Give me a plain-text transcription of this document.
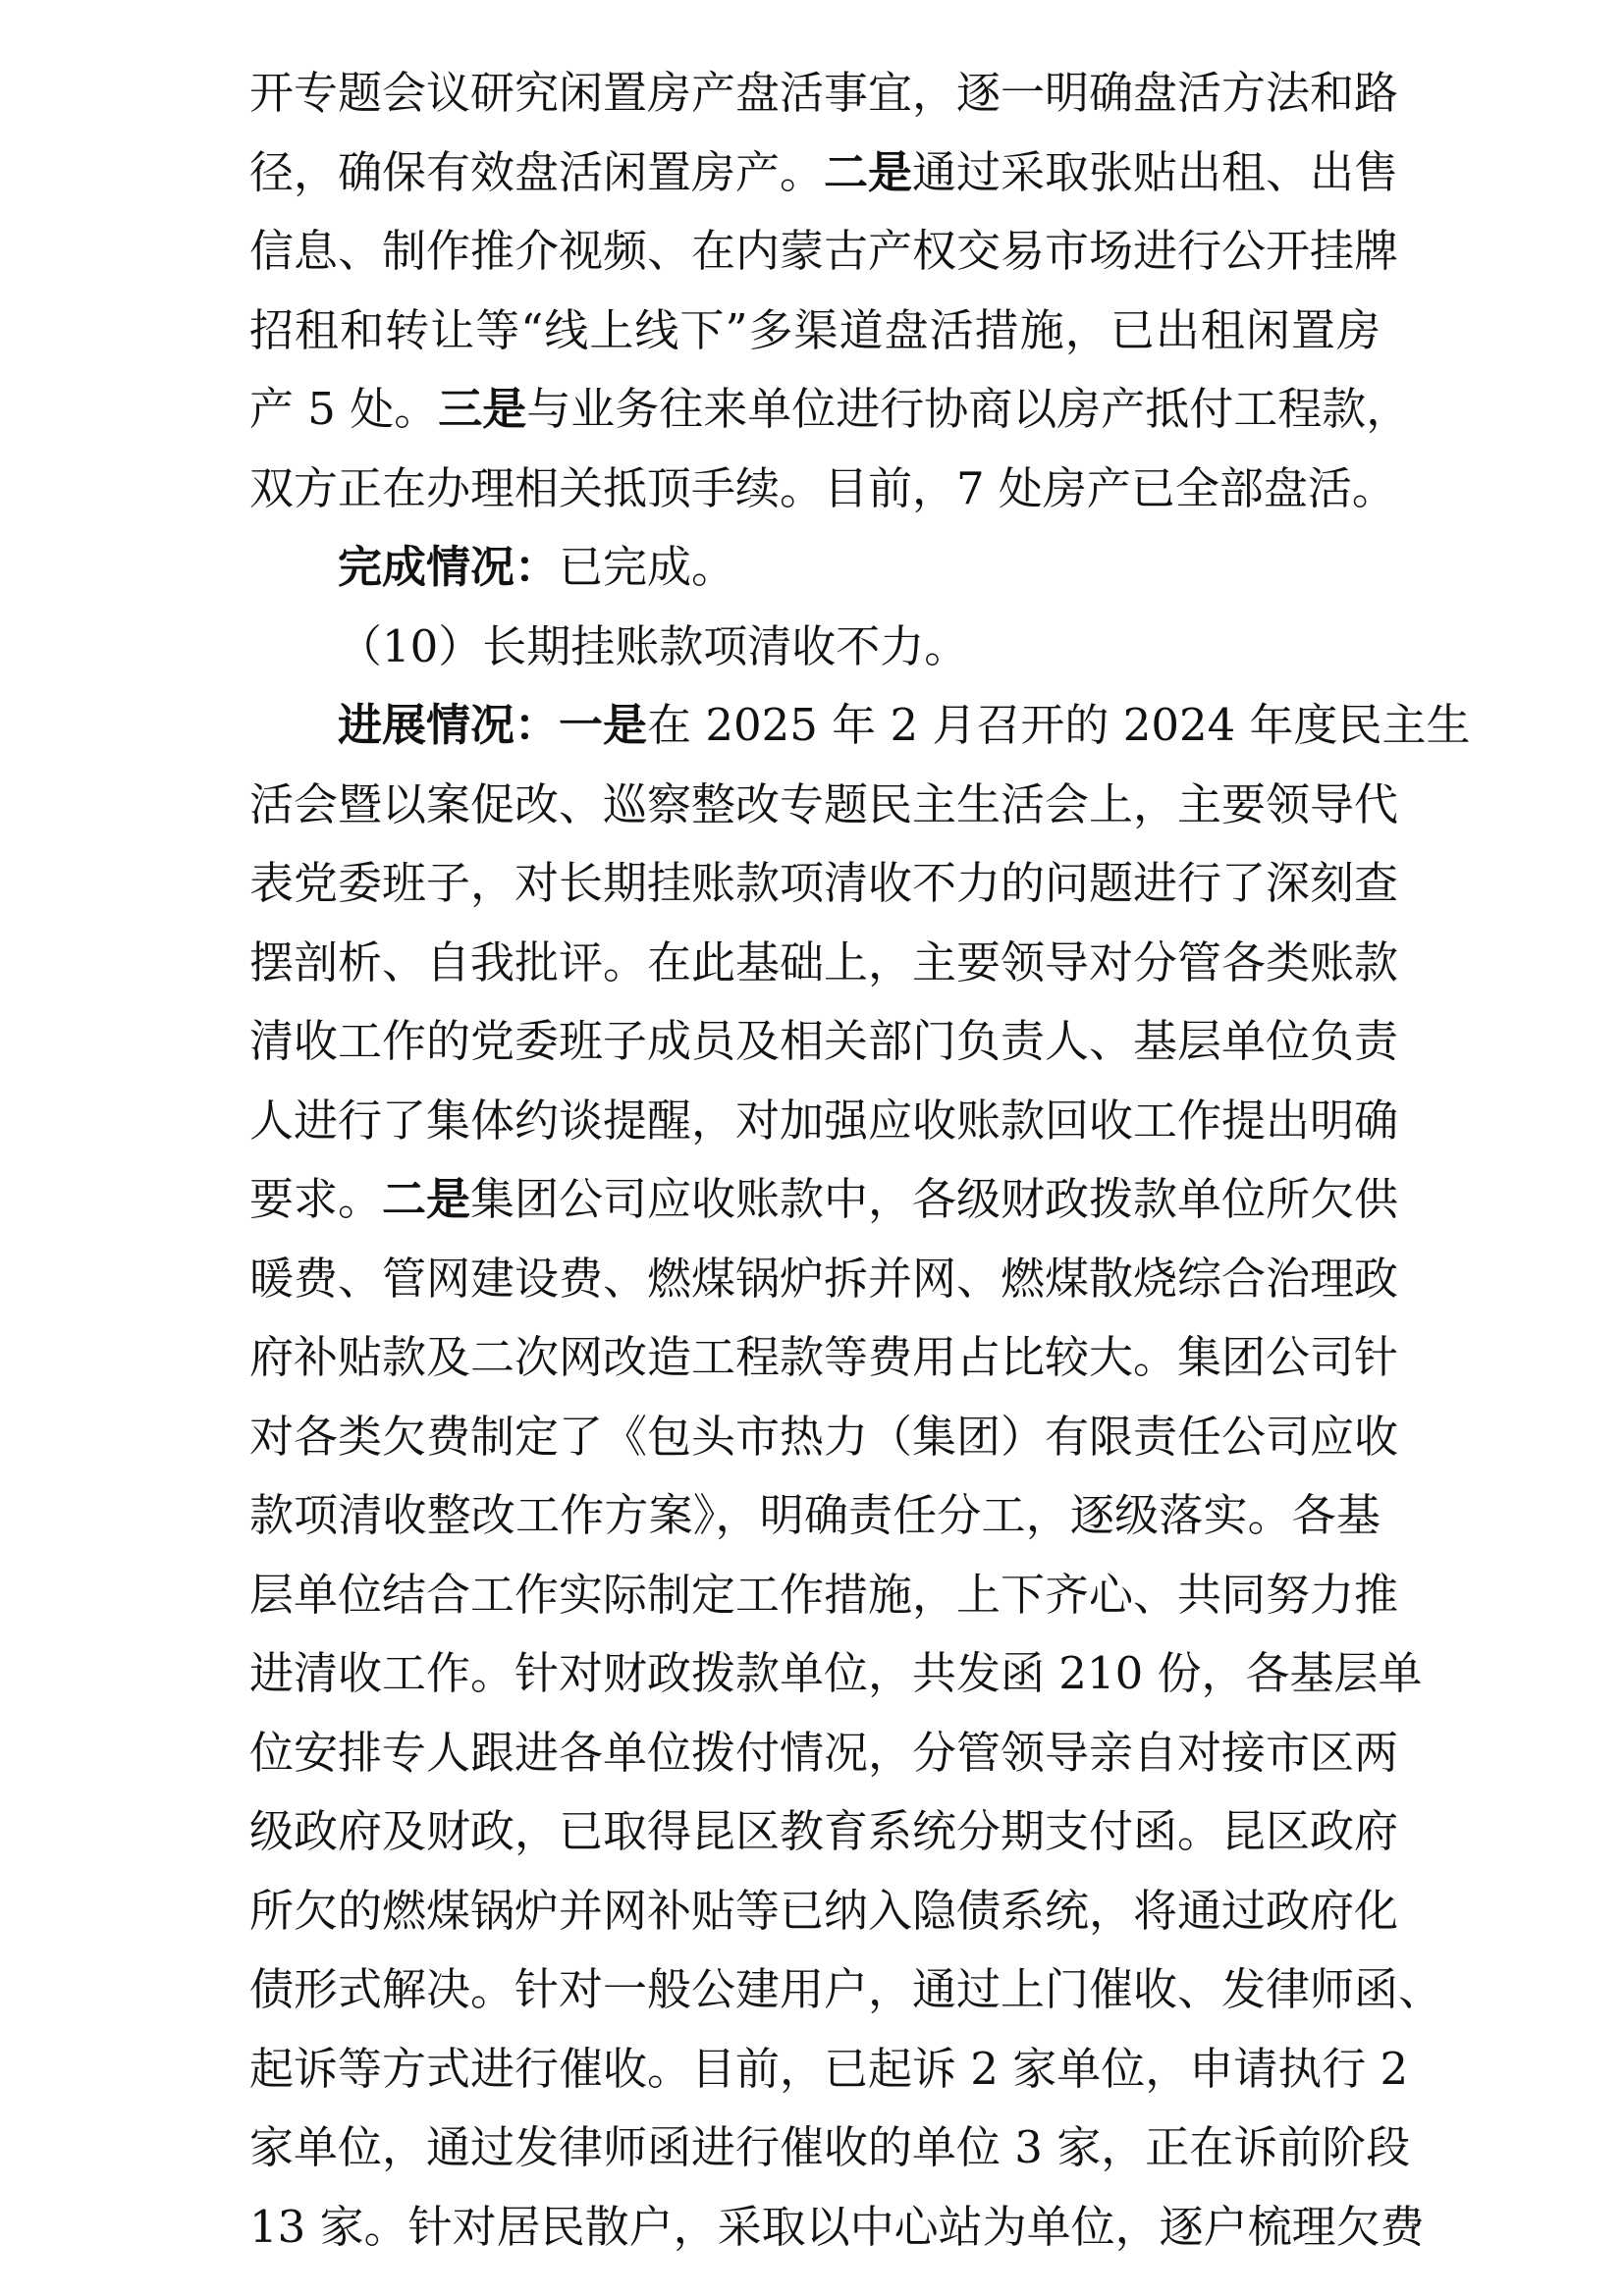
开专题会议研究闲置房产盘活事宜，逐一明确盘活方法和路
径，确保有效盘活闲置房产。二是通过采取张贴出租、出售
信息、制作推介视频、在内蒙古产权交易市场进行公开挂牌
招租和转让等“线上线下”多渠道盘活措施，已出租闲置房
产 5 处。三是与业务往来单位进行协商以房产抵付工程款，
双方正在办理相关抵顶手续。目前，7 处房产已全部盘活。
完成情况：已完成。
（10）长期挂账款项清收不力。
进展情况：一是在 2025 年 2 月召开的 2024 年度民主生
活会暨以案促改、巡察整改专题民主生活会上，主要领导代
表党委班子，对长期挂账款项清收不力的问题进行了深刻查
摆剖析、自我批评。在此基础上，主要领导对分管各类账款
清收工作的党委班子成员及相关部门负责人、基层单位负责
人进行了集体约谈提醒，对加强应收账款回收工作提出明确
要求。二是集团公司应收账款中，各级财政拨款单位所欠供
暖费、管网建设费、燃煤锅炉拆并网、燃煤散烧综合治理政
府补贴款及二次网改造工程款等费用占比较大。集团公司针
对各类欠费制定了《包头市热力（集团）有限责任公司应收
款项清收整改工作方案》，明确责任分工，逐级落实。各基
层单位结合工作实际制定工作措施，上下齐心、共同努力推
进清收工作。针对财政拨款单位，共发函 210 份，各基层单
位安排专人跟进各单位拨付情况，分管领导亲自对接市区两
级政府及财政，已取得昆区教育系统分期支付函。昆区政府
所欠的燃煤锅炉并网补贴等已纳入隐债系统，将通过政府化
债形式解决。针对一般公建用户，通过上门催收、发律师函、
起诉等方式进行催收。目前，已起诉 2 家单位，申请执行 2
家单位，通过发律师函进行催收的单位 3 家，正在诉前阶段
13 家。针对居民散户，采取以中心站为单位，逐户梳理欠费
